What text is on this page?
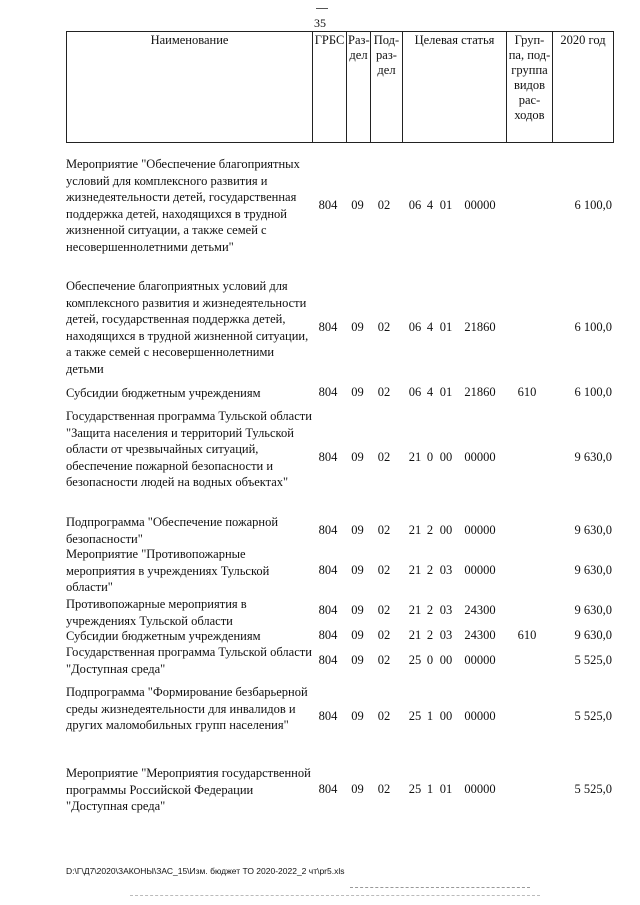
35
Наименование	ГРБС	Раз-дел	Под-раз-дел	Целевая статья	Груп-па, под-группа видов рас-ходов	2020 год
Мероприятие "Обеспечение благоприятных условий для комплексного развития и жизнедеятельности детей, государственная поддержка детей, находящихся в трудной жизненной ситуации, а также семей с несовершеннолетними детьми"
804	09	02	06 4 01 00000	6 100,0
Обеспечение благоприятных условий для комплексного развития и жизнедеятельности детей, государственная поддержка детей, находящихся в трудной жизненной ситуации, а также семей с несовершеннолетними детьми
804	09	02	06 4 01 21860	6 100,0
Субсидии бюджетным учреждениям	804	09	02	06 4 01 21860	610	6 100,0
Государственная программа Тульской области "Защита населения и территорий Тульской области от чрезвычайных ситуаций, обеспечение пожарной безопасности и безопасности людей на водных объектах"
804	09	02	21 0 00 00000	9 630,0
Подпрограмма "Обеспечение пожарной безопасности"
804	09	02	21 2 00 00000	9 630,0
Мероприятие "Противопожарные мероприятия в учреждениях Тульской области"
804	09	02	21 2 03 00000	9 630,0
Противопожарные мероприятия в учреждениях Тульской области
804	09	02	21 2 03 24300	9 630,0
Субсидии бюджетным учреждениям	804	09	02	21 2 03 24300	610	9 630,0
Государственная программа Тульской области "Доступная среда"
804	09	02	25 0 00 00000	5 525,0
Подпрограмма "Формирование безбарьерной среды жизнедеятельности для инвалидов и других маломобильных групп населения"
804	09	02	25 1 00 00000	5 525,0
Мероприятие "Мероприятия государственной программы Российской Федерации "Доступная среда"
804	09	02	25 1 01 00000	5 525,0
D:\Г\Д7\2020\ЗАКОНЫ\ЗАС_15\Изм. бюджет ТО 2020-2022_2 чт\pr5.xls
